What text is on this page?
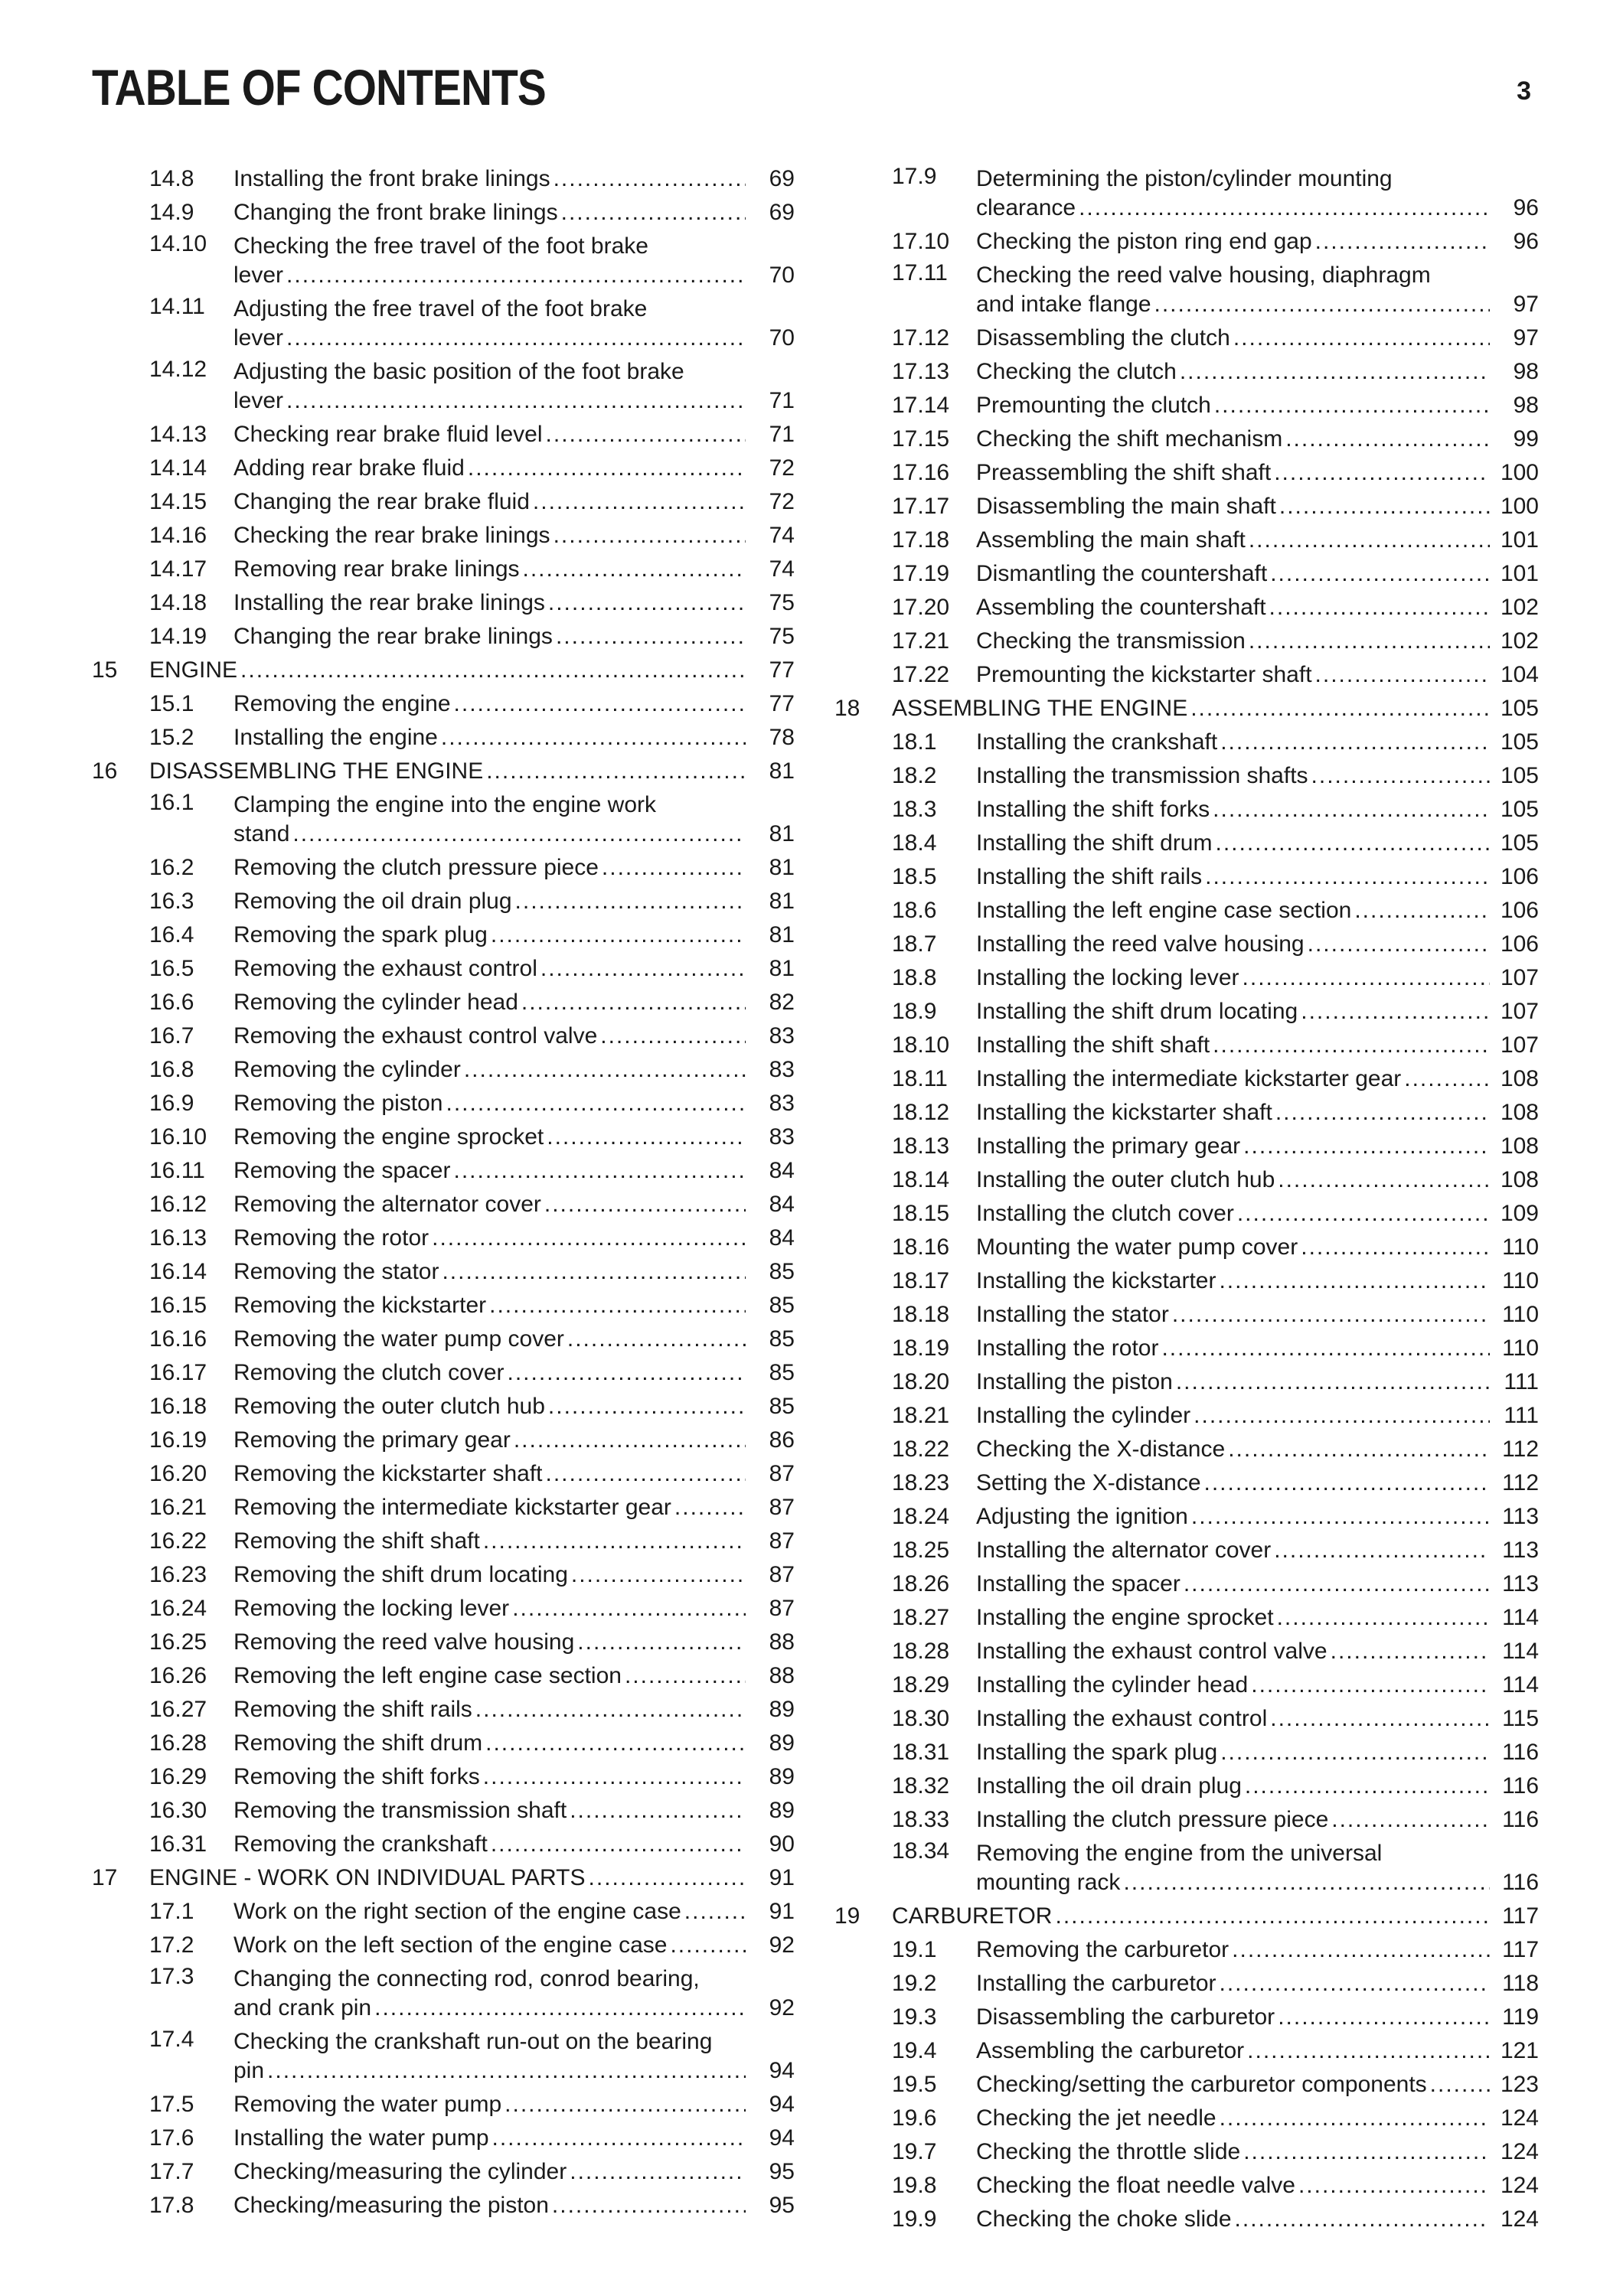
TABLE OF CONTENTS	3
14.8 Installing the front brake linings .....	69
14.9 Changing the front brake linings .....	69
14.10 Checking the free travel of the foot brake
lever .....	70
14.11 Adjusting the free travel of the foot brake
lever .....	70
14.12 Adjusting the basic position of the foot brake
lever .....	71
14.13 Checking rear brake fluid level .....	71
14.14 Adding rear brake fluid .....	72
14.15 Changing the rear brake fluid .....	72
14.16 Checking the rear brake linings .....	74
14.17 Removing rear brake linings .....	74
14.18 Installing the rear brake linings .....	75
14.19 Changing the rear brake linings .....	75
15 ENGINE .....	77
15.1 Removing the engine .....	77
15.2 Installing the engine .....	78
16 DISASSEMBLING THE ENGINE .....	81
16.1 Clamping the engine into the engine work
stand .....	81
16.2 Removing the clutch pressure piece .....	81
16.3 Removing the oil drain plug .....	81
16.4 Removing the spark plug .....	81
16.5 Removing the exhaust control .....	81
16.6 Removing the cylinder head .....	82
16.7 Removing the exhaust control valve .....	83
16.8 Removing the cylinder .....	83
16.9 Removing the piston .....	83
16.10 Removing the engine sprocket .....	83
16.11 Removing the spacer .....	84
16.12 Removing the alternator cover .....	84
16.13 Removing the rotor .....	84
16.14 Removing the stator .....	85
16.15 Removing the kickstarter .....	85
16.16 Removing the water pump cover .....	85
16.17 Removing the clutch cover .....	85
16.18 Removing the outer clutch hub .....	85
16.19 Removing the primary gear .....	86
16.20 Removing the kickstarter shaft .....	87
16.21 Removing the intermediate kickstarter gear .....	87
16.22 Removing the shift shaft .....	87
16.23 Removing the shift drum locating .....	87
16.24 Removing the locking lever .....	87
16.25 Removing the reed valve housing .....	88
16.26 Removing the left engine case section .....	88
16.27 Removing the shift rails .....	89
16.28 Removing the shift drum .....	89
16.29 Removing the shift forks .....	89
16.30 Removing the transmission shaft .....	89
16.31 Removing the crankshaft .....	90
17 ENGINE - WORK ON INDIVIDUAL PARTS .....	91
17.1 Work on the right section of the engine case .....	91
17.2 Work on the left section of the engine case .....	92
17.3 Changing the connecting rod, conrod bearing,
and crank pin .....	92
17.4 Checking the crankshaft run-out on the bearing
pin .....	94
17.5 Removing the water pump .....	94
17.6 Installing the water pump .....	94
17.7 Checking/measuring the cylinder .....	95
17.8 Checking/measuring the piston .....	95
17.9 Determining the piston/cylinder mounting
clearance .....	96
17.10 Checking the piston ring end gap .....	96
17.11 Checking the reed valve housing, diaphragm
and intake flange .....	97
17.12 Disassembling the clutch .....	97
17.13 Checking the clutch .....	98
17.14 Premounting the clutch .....	98
17.15 Checking the shift mechanism .....	99
17.16 Preassembling the shift shaft .....	100
17.17 Disassembling the main shaft .....	100
17.18 Assembling the main shaft .....	101
17.19 Dismantling the countershaft .....	101
17.20 Assembling the countershaft .....	102
17.21 Checking the transmission .....	102
17.22 Premounting the kickstarter shaft .....	104
18 ASSEMBLING THE ENGINE .....	105
18.1 Installing the crankshaft .....	105
18.2 Installing the transmission shafts .....	105
18.3 Installing the shift forks .....	105
18.4 Installing the shift drum .....	105
18.5 Installing the shift rails .....	106
18.6 Installing the left engine case section .....	106
18.7 Installing the reed valve housing .....	106
18.8 Installing the locking lever .....	107
18.9 Installing the shift drum locating .....	107
18.10 Installing the shift shaft .....	107
18.11 Installing the intermediate kickstarter gear .....	108
18.12 Installing the kickstarter shaft .....	108
18.13 Installing the primary gear .....	108
18.14 Installing the outer clutch hub .....	108
18.15 Installing the clutch cover .....	109
18.16 Mounting the water pump cover .....	110
18.17 Installing the kickstarter .....	110
18.18 Installing the stator .....	110
18.19 Installing the rotor .....	110
18.20 Installing the piston .....	111
18.21 Installing the cylinder .....	111
18.22 Checking the X-distance .....	112
18.23 Setting the X-distance .....	112
18.24 Adjusting the ignition .....	113
18.25 Installing the alternator cover .....	113
18.26 Installing the spacer .....	113
18.27 Installing the engine sprocket .....	114
18.28 Installing the exhaust control valve .....	114
18.29 Installing the cylinder head .....	114
18.30 Installing the exhaust control .....	115
18.31 Installing the spark plug .....	116
18.32 Installing the oil drain plug .....	116
18.33 Installing the clutch pressure piece .....	116
18.34 Removing the engine from the universal
mounting rack .....	116
19 CARBURETOR .....	117
19.1 Removing the carburetor .....	117
19.2 Installing the carburetor .....	118
19.3 Disassembling the carburetor .....	119
19.4 Assembling the carburetor .....	121
19.5 Checking/setting the carburetor components .....	123
19.6 Checking the jet needle .....	124
19.7 Checking the throttle slide .....	124
19.8 Checking the float needle valve .....	124
19.9 Checking the choke slide .....	124
